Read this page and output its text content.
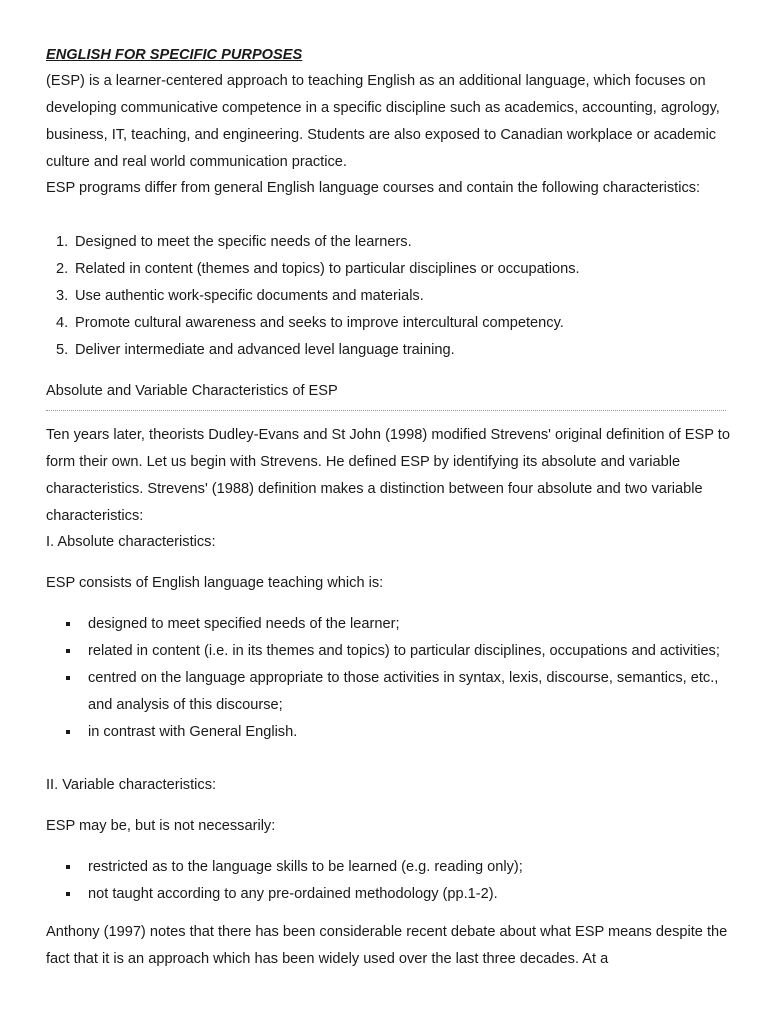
ENGLISH FOR SPECIFIC PURPOSES

(ESP) is a learner-centered approach to teaching English as an additional language, which focuses on developing communicative competence in a specific discipline such as academics, accounting, agrology, business, IT, teaching, and engineering. Students are also exposed to Canadian workplace or academic culture and real world communication practice.

ESP programs differ from general English language courses and contain the following characteristics:

1. Designed to meet the specific needs of the learners.
2. Related in content (themes and topics) to particular disciplines or occupations.
3. Use authentic work-specific documents and materials.
4. Promote cultural awareness and seeks to improve intercultural competency.
5. Deliver intermediate and advanced level language training.

Absolute and Variable Characteristics of ESP

Ten years later, theorists Dudley-Evans and St John (1998) modified Strevens' original definition of ESP to form their own. Let us begin with Strevens. He defined ESP by identifying its absolute and variable characteristics. Strevens' (1988) definition makes a distinction between four absolute and two variable characteristics:

I. Absolute characteristics:

ESP consists of English language teaching which is:

designed to meet specified needs of the learner;
related in content (i.e. in its themes and topics) to particular disciplines, occupations and activities;
centred on the language appropriate to those activities in syntax, lexis, discourse, semantics, etc., and analysis of this discourse;
in contrast with General English.

II. Variable characteristics:

ESP may be, but is not necessarily:

restricted as to the language skills to be learned (e.g. reading only);
not taught according to any pre-ordained methodology (pp.1-2).

Anthony (1997) notes that there has been considerable recent debate about what ESP means despite the fact that it is an approach which has been widely used over the last three decades. At a
